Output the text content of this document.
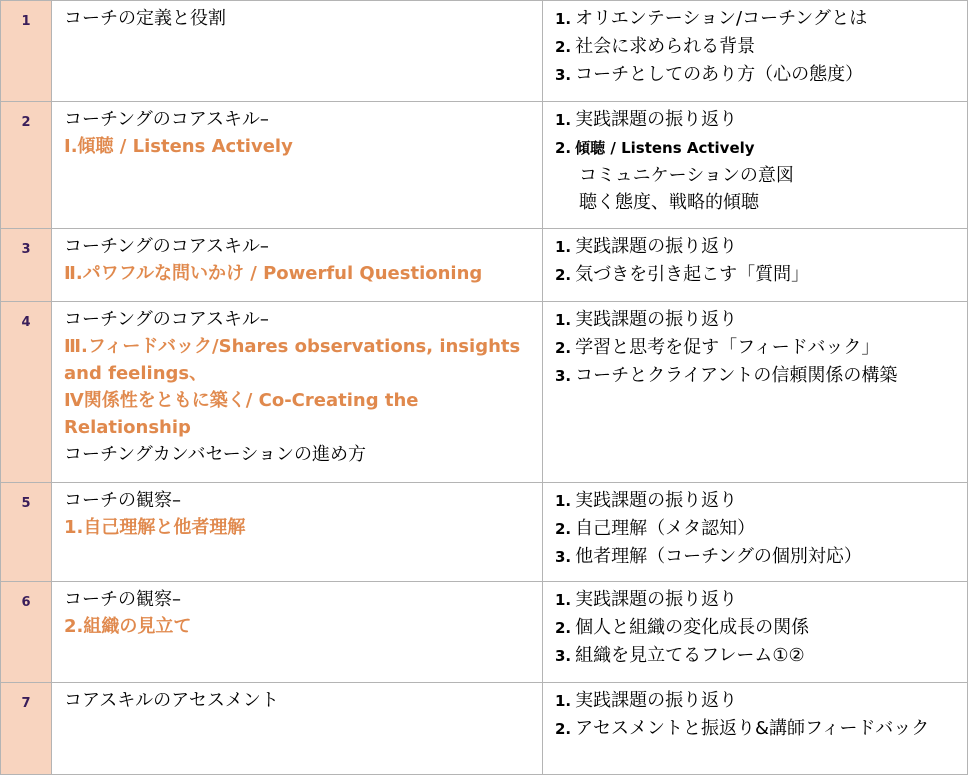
1	コーチの定義と役割	1. オリエンテーション/コーチングとは
2. 社会に求められる背景
3. コーチとしてのあり方（心の態度）

2	コーチングのコアスキル–
Ⅰ.傾聴 / Listens Actively	1. 実践課題の振り返り
2. 傾聴 / Listens Actively
コミュニケーションの意図
聴く態度、戦略的傾聴

3	コーチングのコアスキル–
Ⅱ.パワフルな問いかけ / Powerful Questioning	1. 実践課題の振り返り
2. 気づきを引き起こす「質問」

4	コーチングのコアスキル–
Ⅲ.フィードバック/Shares observations, insights and feelings、
Ⅳ関係性をともに築く/ Co-Creating the Relationship
コーチングカンバセーションの進め方	1. 実践課題の振り返り
2. 学習と思考を促す「フィードバック」
3. コーチとクライアントの信頼関係の構築

5	コーチの観察–
1.自己理解と他者理解	1. 実践課題の振り返り
2. 自己理解（メタ認知）
3. 他者理解（コーチングの個別対応）

6	コーチの観察–
2.組織の見立て	1. 実践課題の振り返り
2. 個人と組織の変化成長の関係
3. 組織を見立てるフレーム①②

7	コアスキルのアセスメント	1. 実践課題の振り返り
2. アセスメントと振返り&講師フィードバック
